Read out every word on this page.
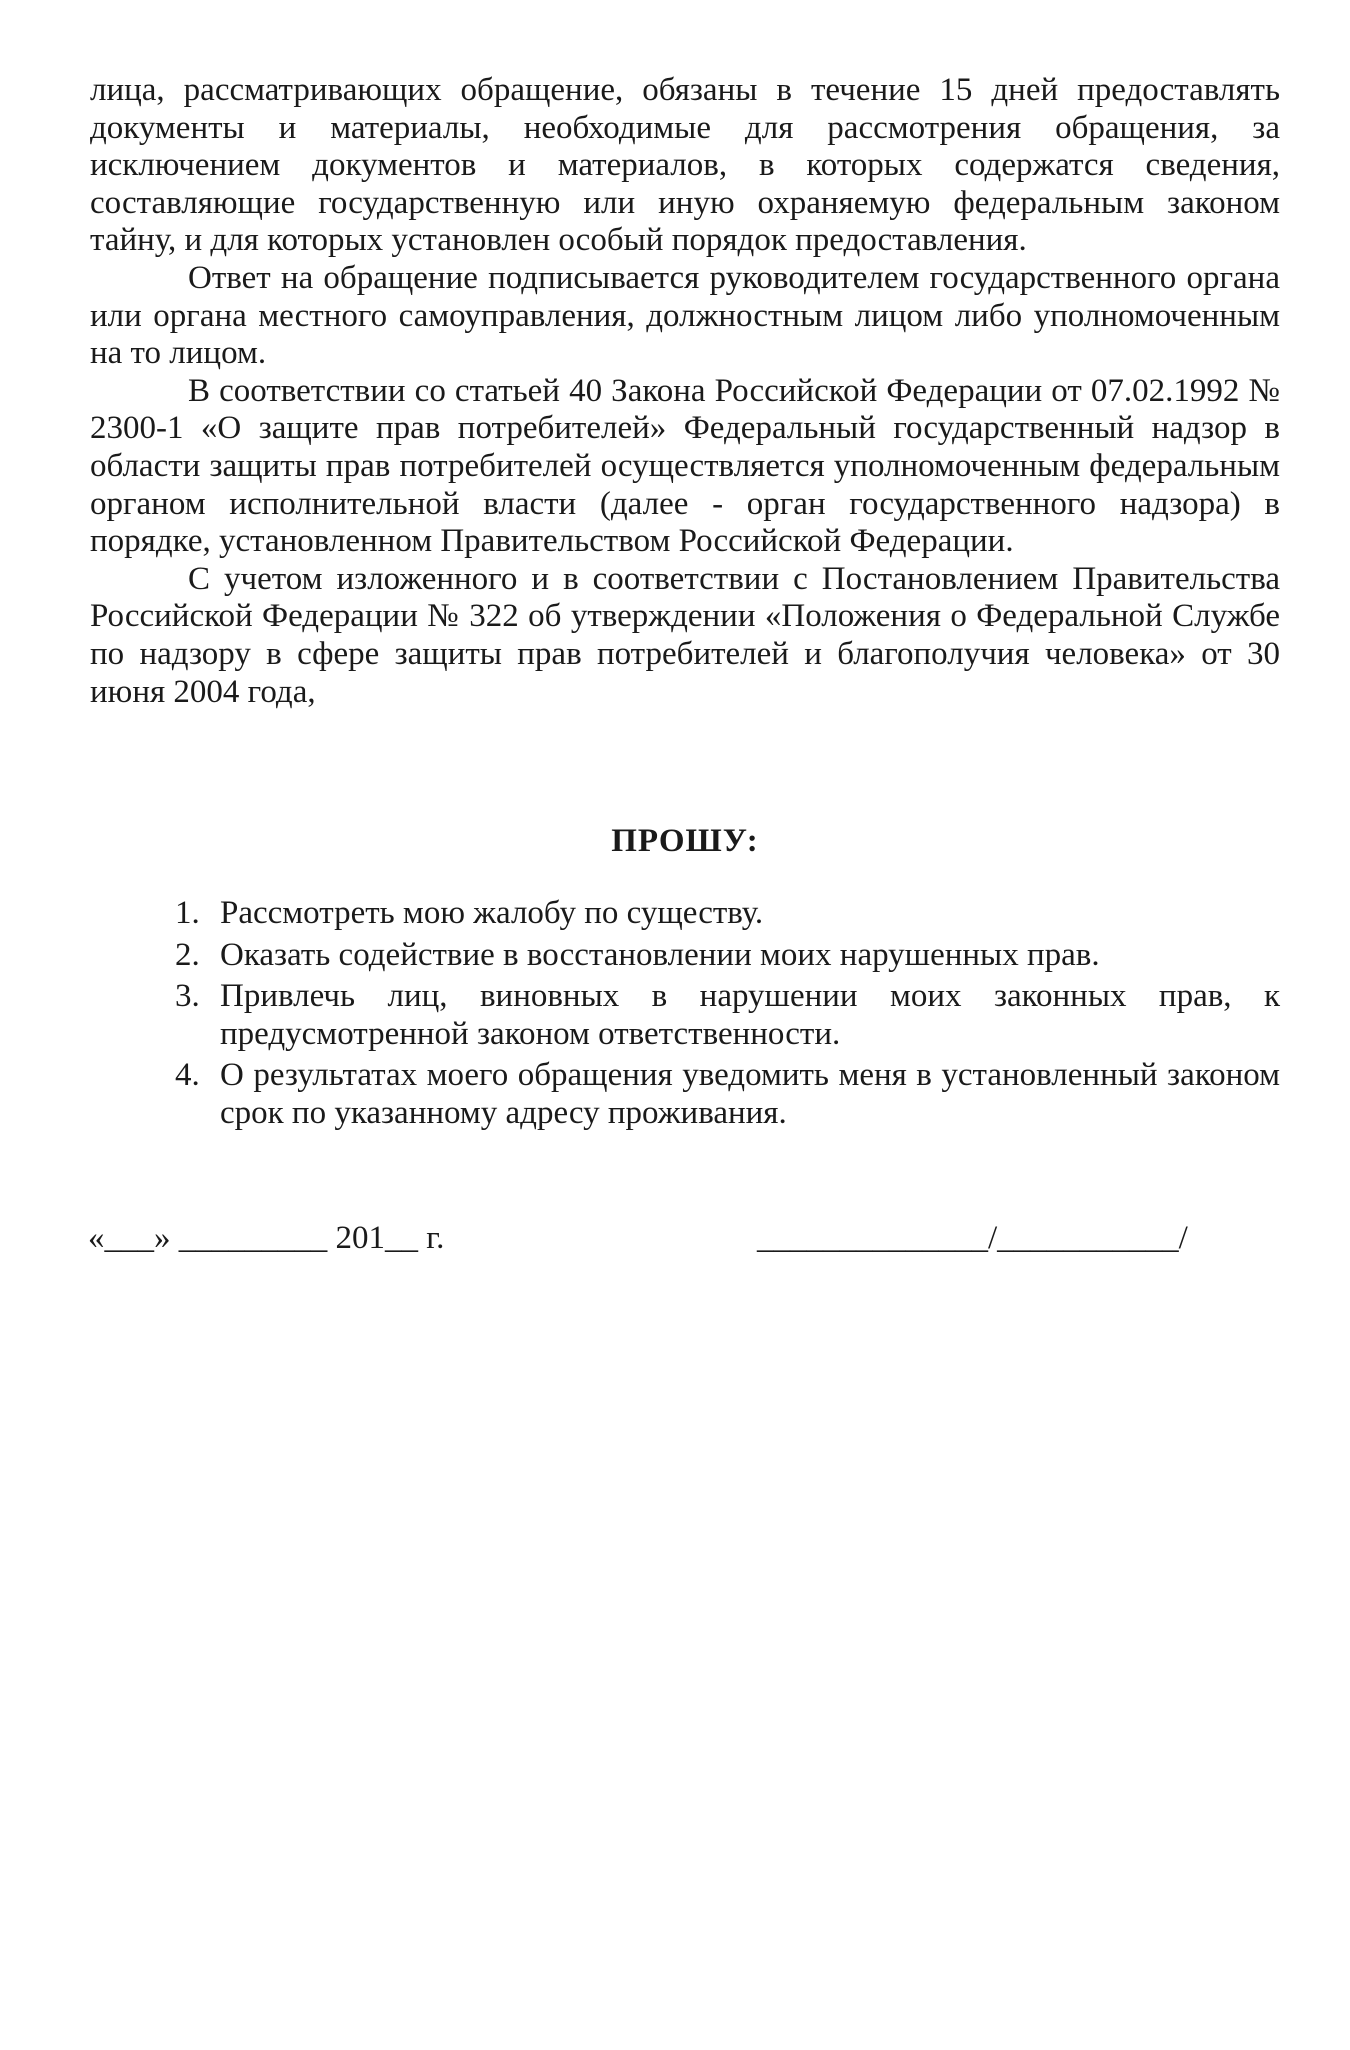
лица, рассматривающих обращение, обязаны в течение 15 дней предоставлять документы и материалы, необходимые для рассмотрения обращения, за исключением документов и материалов, в которых содержатся сведения, составляющие государственную или иную охраняемую федеральным законом тайну, и для которых установлен особый порядок предоставления.

Ответ на обращение подписывается руководителем государственного органа или органа местного самоуправления, должностным лицом либо уполномоченным на то лицом.

В соответствии со статьей 40 Закона Российской Федерации от 07.02.1992 № 2300-1 «О защите прав потребителей» Федеральный государственный надзор в области защиты прав потребителей осуществляется уполномоченным федеральным органом исполнительной власти (далее - орган государственного надзора) в порядке, установленном Правительством Российской Федерации.

С учетом изложенного и в соответствии с Постановлением Правительства Российской Федерации № 322 об утверждении «Положения о Федеральной Службе по надзору в сфере защиты прав потребителей и благополучия человека» от 30 июня 2004 года,

ПРОШУ:
1. Рассмотреть мою жалобу по существу.
2. Оказать содействие в восстановлении моих нарушенных прав.
3. Привлечь лиц, виновных в нарушении моих законных прав, к предусмотренной законом ответственности.
4. О результатах моего обращения уведомить меня в установленный законом срок по указанному адресу проживания.
«___» _________ 201__ г.	______________/___________/
